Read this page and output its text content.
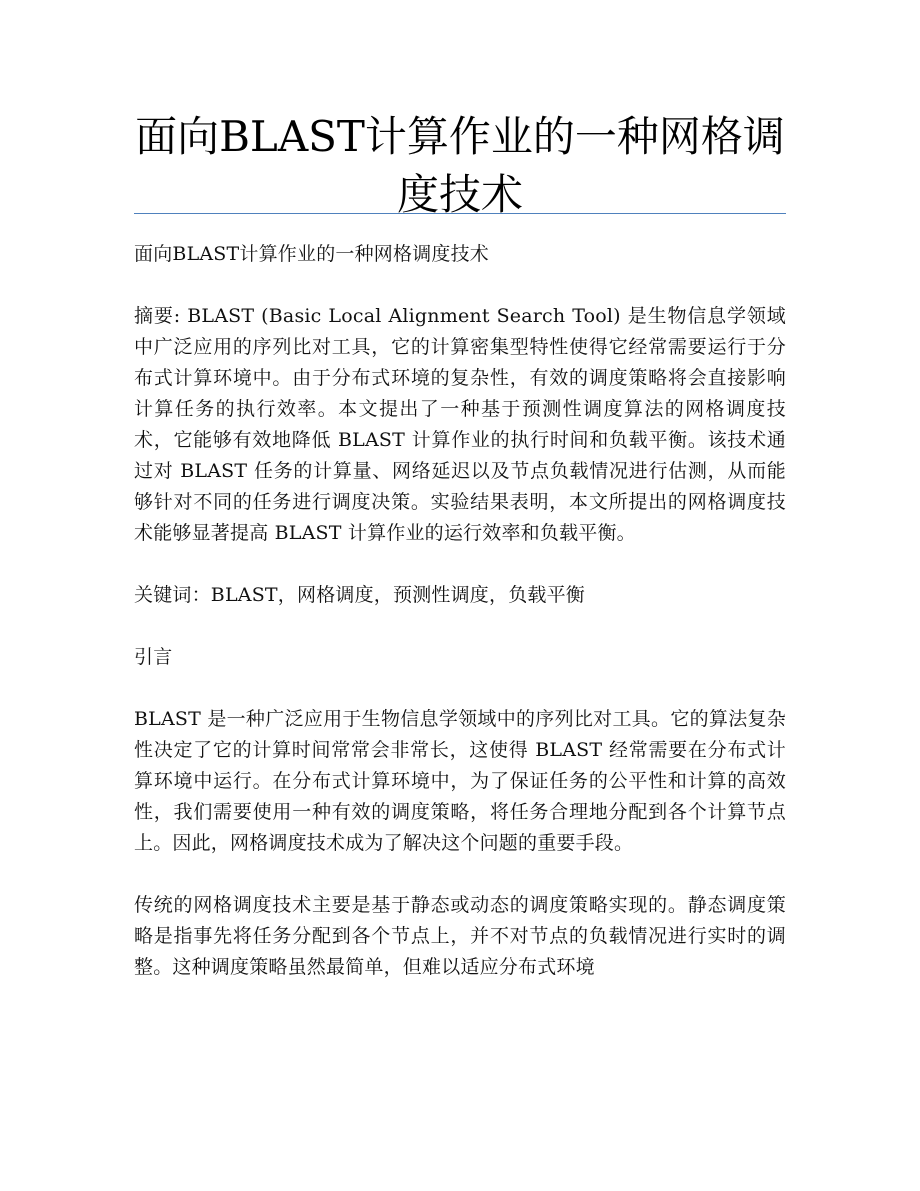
面向BLAST计算作业的一种网格调度技术

面向BLAST计算作业的一种网格调度技术

摘要: BLAST (Basic Local Alignment Search Tool) 是生物信息学领域中广泛应用的序列比对工具，它的计算密集型特性使得它经常需要运行于分布式计算环境中。由于分布式环境的复杂性，有效的调度策略将会直接影响计算任务的执行效率。本文提出了一种基于预测性调度算法的网格调度技术，它能够有效地降低 BLAST 计算作业的执行时间和负载平衡。该技术通过对 BLAST 任务的计算量、网络延迟以及节点负载情况进行估测，从而能够针对不同的任务进行调度决策。实验结果表明，本文所提出的网格调度技术能够显著提高 BLAST 计算作业的运行效率和负载平衡。

关键词：BLAST，网格调度，预测性调度，负载平衡

引言

BLAST 是一种广泛应用于生物信息学领域中的序列比对工具。它的算法复杂性决定了它的计算时间常常会非常长，这使得 BLAST 经常需要在分布式计算环境中运行。在分布式计算环境中，为了保证任务的公平性和计算的高效性，我们需要使用一种有效的调度策略，将任务合理地分配到各个计算节点上。因此，网格调度技术成为了解决这个问题的重要手段。

传统的网格调度技术主要是基于静态或动态的调度策略实现的。静态调度策略是指事先将任务分配到各个节点上，并不对节点的负载情况进行实时的调整。这种调度策略虽然最简单，但难以适应分布式环境
